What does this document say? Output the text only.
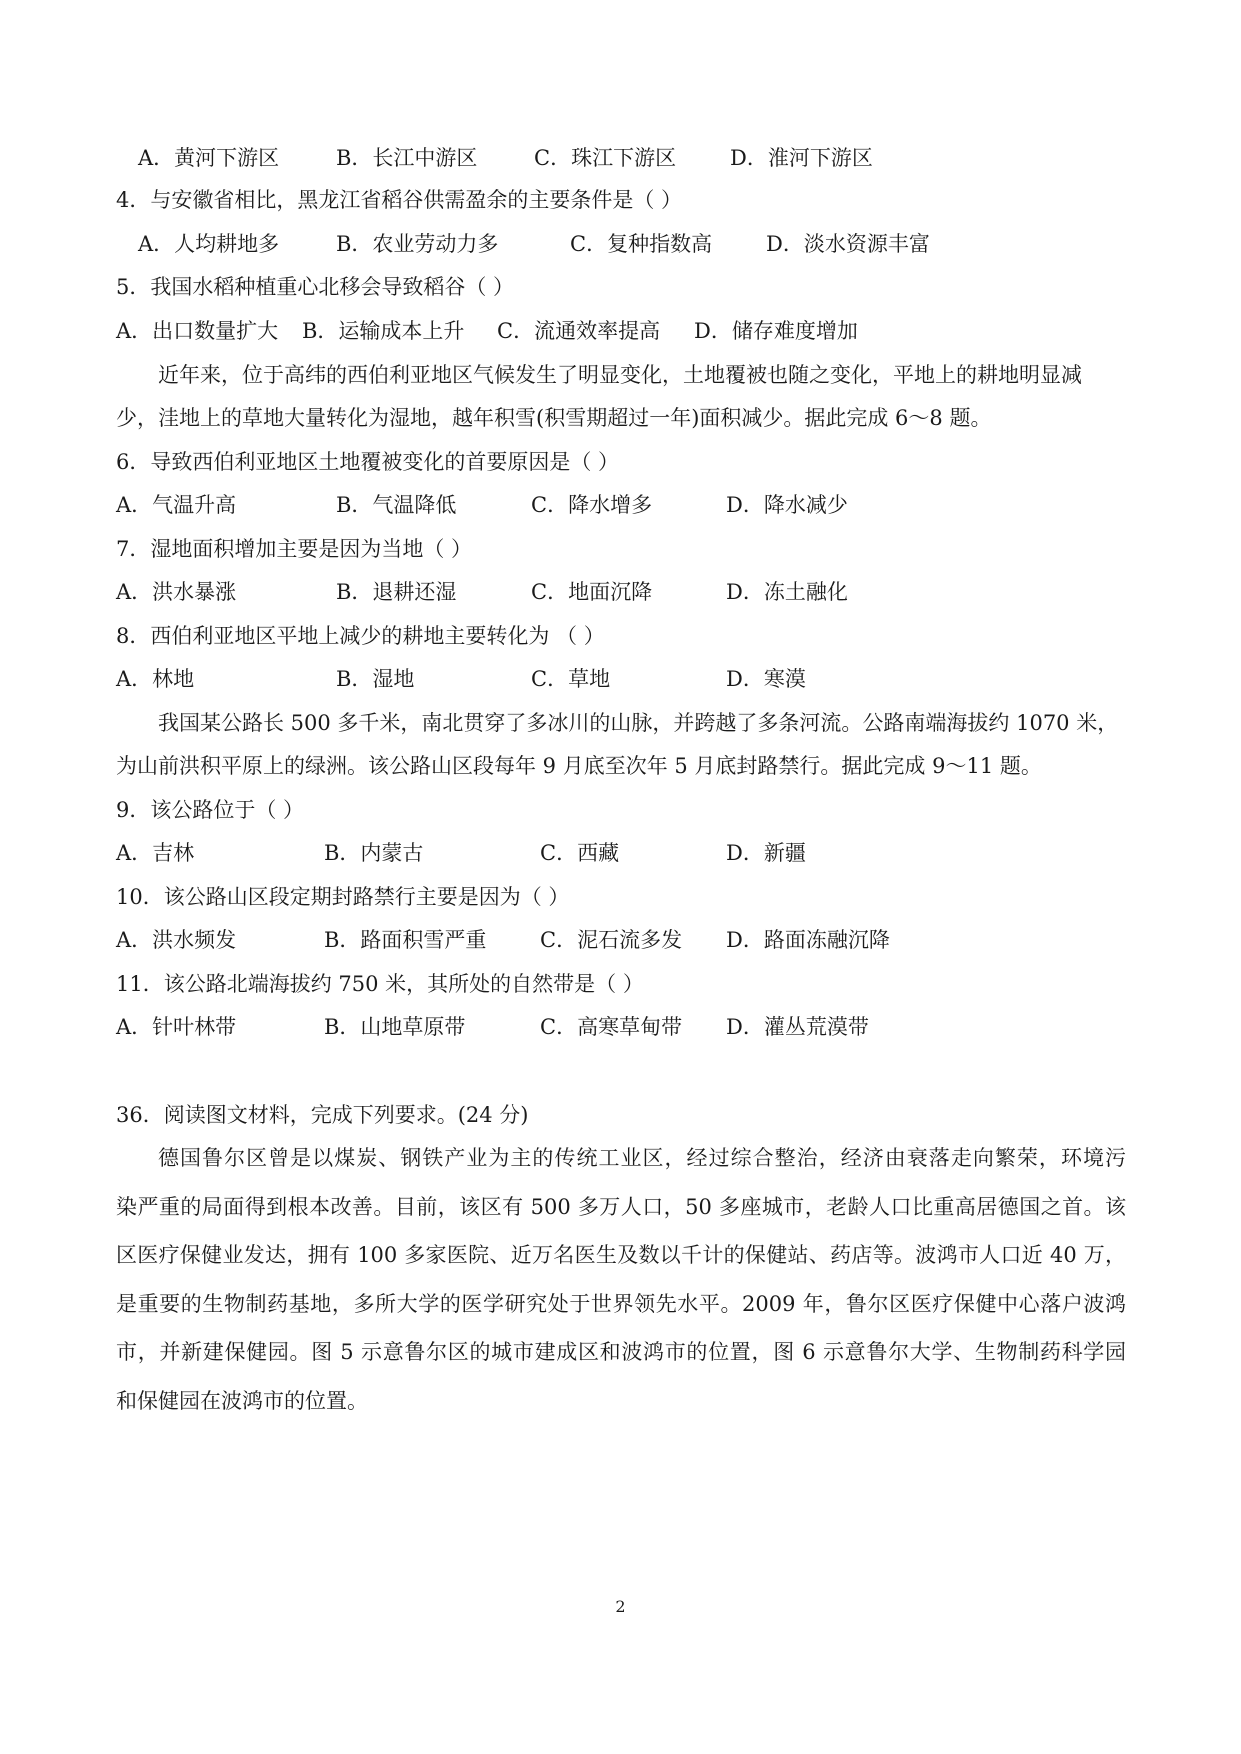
A．黄河下游区	B．长江中游区	C．珠江下游区	D．淮河下游区
4．与安徽省相比，黑龙江省稻谷供需盈余的主要条件是（ ）
A．人均耕地多	B．农业劳动力多	C．复种指数高	D．淡水资源丰富
5．我国水稻种植重心北移会导致稻谷（ ）
A．出口数量扩大 B．运输成本上升 C．流通效率提高 D．储存难度增加
近年来，位于高纬的西伯利亚地区气候发生了明显变化，土地覆被也随之变化，平地上的耕地明显减
少，洼地上的草地大量转化为湿地，越年积雪(积雪期超过一年)面积减少。据此完成 6～8 题。
6．导致西伯利亚地区土地覆被变化的首要原因是（ ）
A．气温升高	B．气温降低	C．降水增多	D．降水减少
7．湿地面积增加主要是因为当地（ ）
A．洪水暴涨	B．退耕还湿	C．地面沉降	D．冻土融化
8．西伯利亚地区平地上减少的耕地主要转化为 （ ）
A．林地	B．湿地	C．草地	D．寒漠
我国某公路长 500 多千米，南北贯穿了多冰川的山脉，并跨越了多条河流。公路南端海拔约 1070 米，
为山前洪积平原上的绿洲。该公路山区段每年 9 月底至次年 5 月底封路禁行。据此完成 9～11 题。
9．该公路位于（ ）
A．吉林	B．内蒙古	C．西藏	D．新疆
10．该公路山区段定期封路禁行主要是因为（ ）
A．洪水频发	B．路面积雪严重	C．泥石流多发 D．路面冻融沉降
11．该公路北端海拔约 750 米，其所处的自然带是（ ）
A．针叶林带	B．山地草原带	C．高寒草甸带 D．灌丛荒漠带
36．阅读图文材料，完成下列要求。(24 分)
德国鲁尔区曾是以煤炭、钢铁产业为主的传统工业区，经过综合整治，经济由衰落走向繁荣，环境污
染严重的局面得到根本改善。目前，该区有 500 多万人口，50 多座城市，老龄人口比重高居德国之首。该
区医疗保健业发达，拥有 100 多家医院、近万名医生及数以千计的保健站、药店等。波鸿市人口近 40 万，
是重要的生物制药基地，多所大学的医学研究处于世界领先水平。2009 年，鲁尔区医疗保健中心落户波鸿
市，并新建保健园。图 5 示意鲁尔区的城市建成区和波鸿市的位置，图 6 示意鲁尔大学、生物制药科学园
和保健园在波鸿市的位置。
2
